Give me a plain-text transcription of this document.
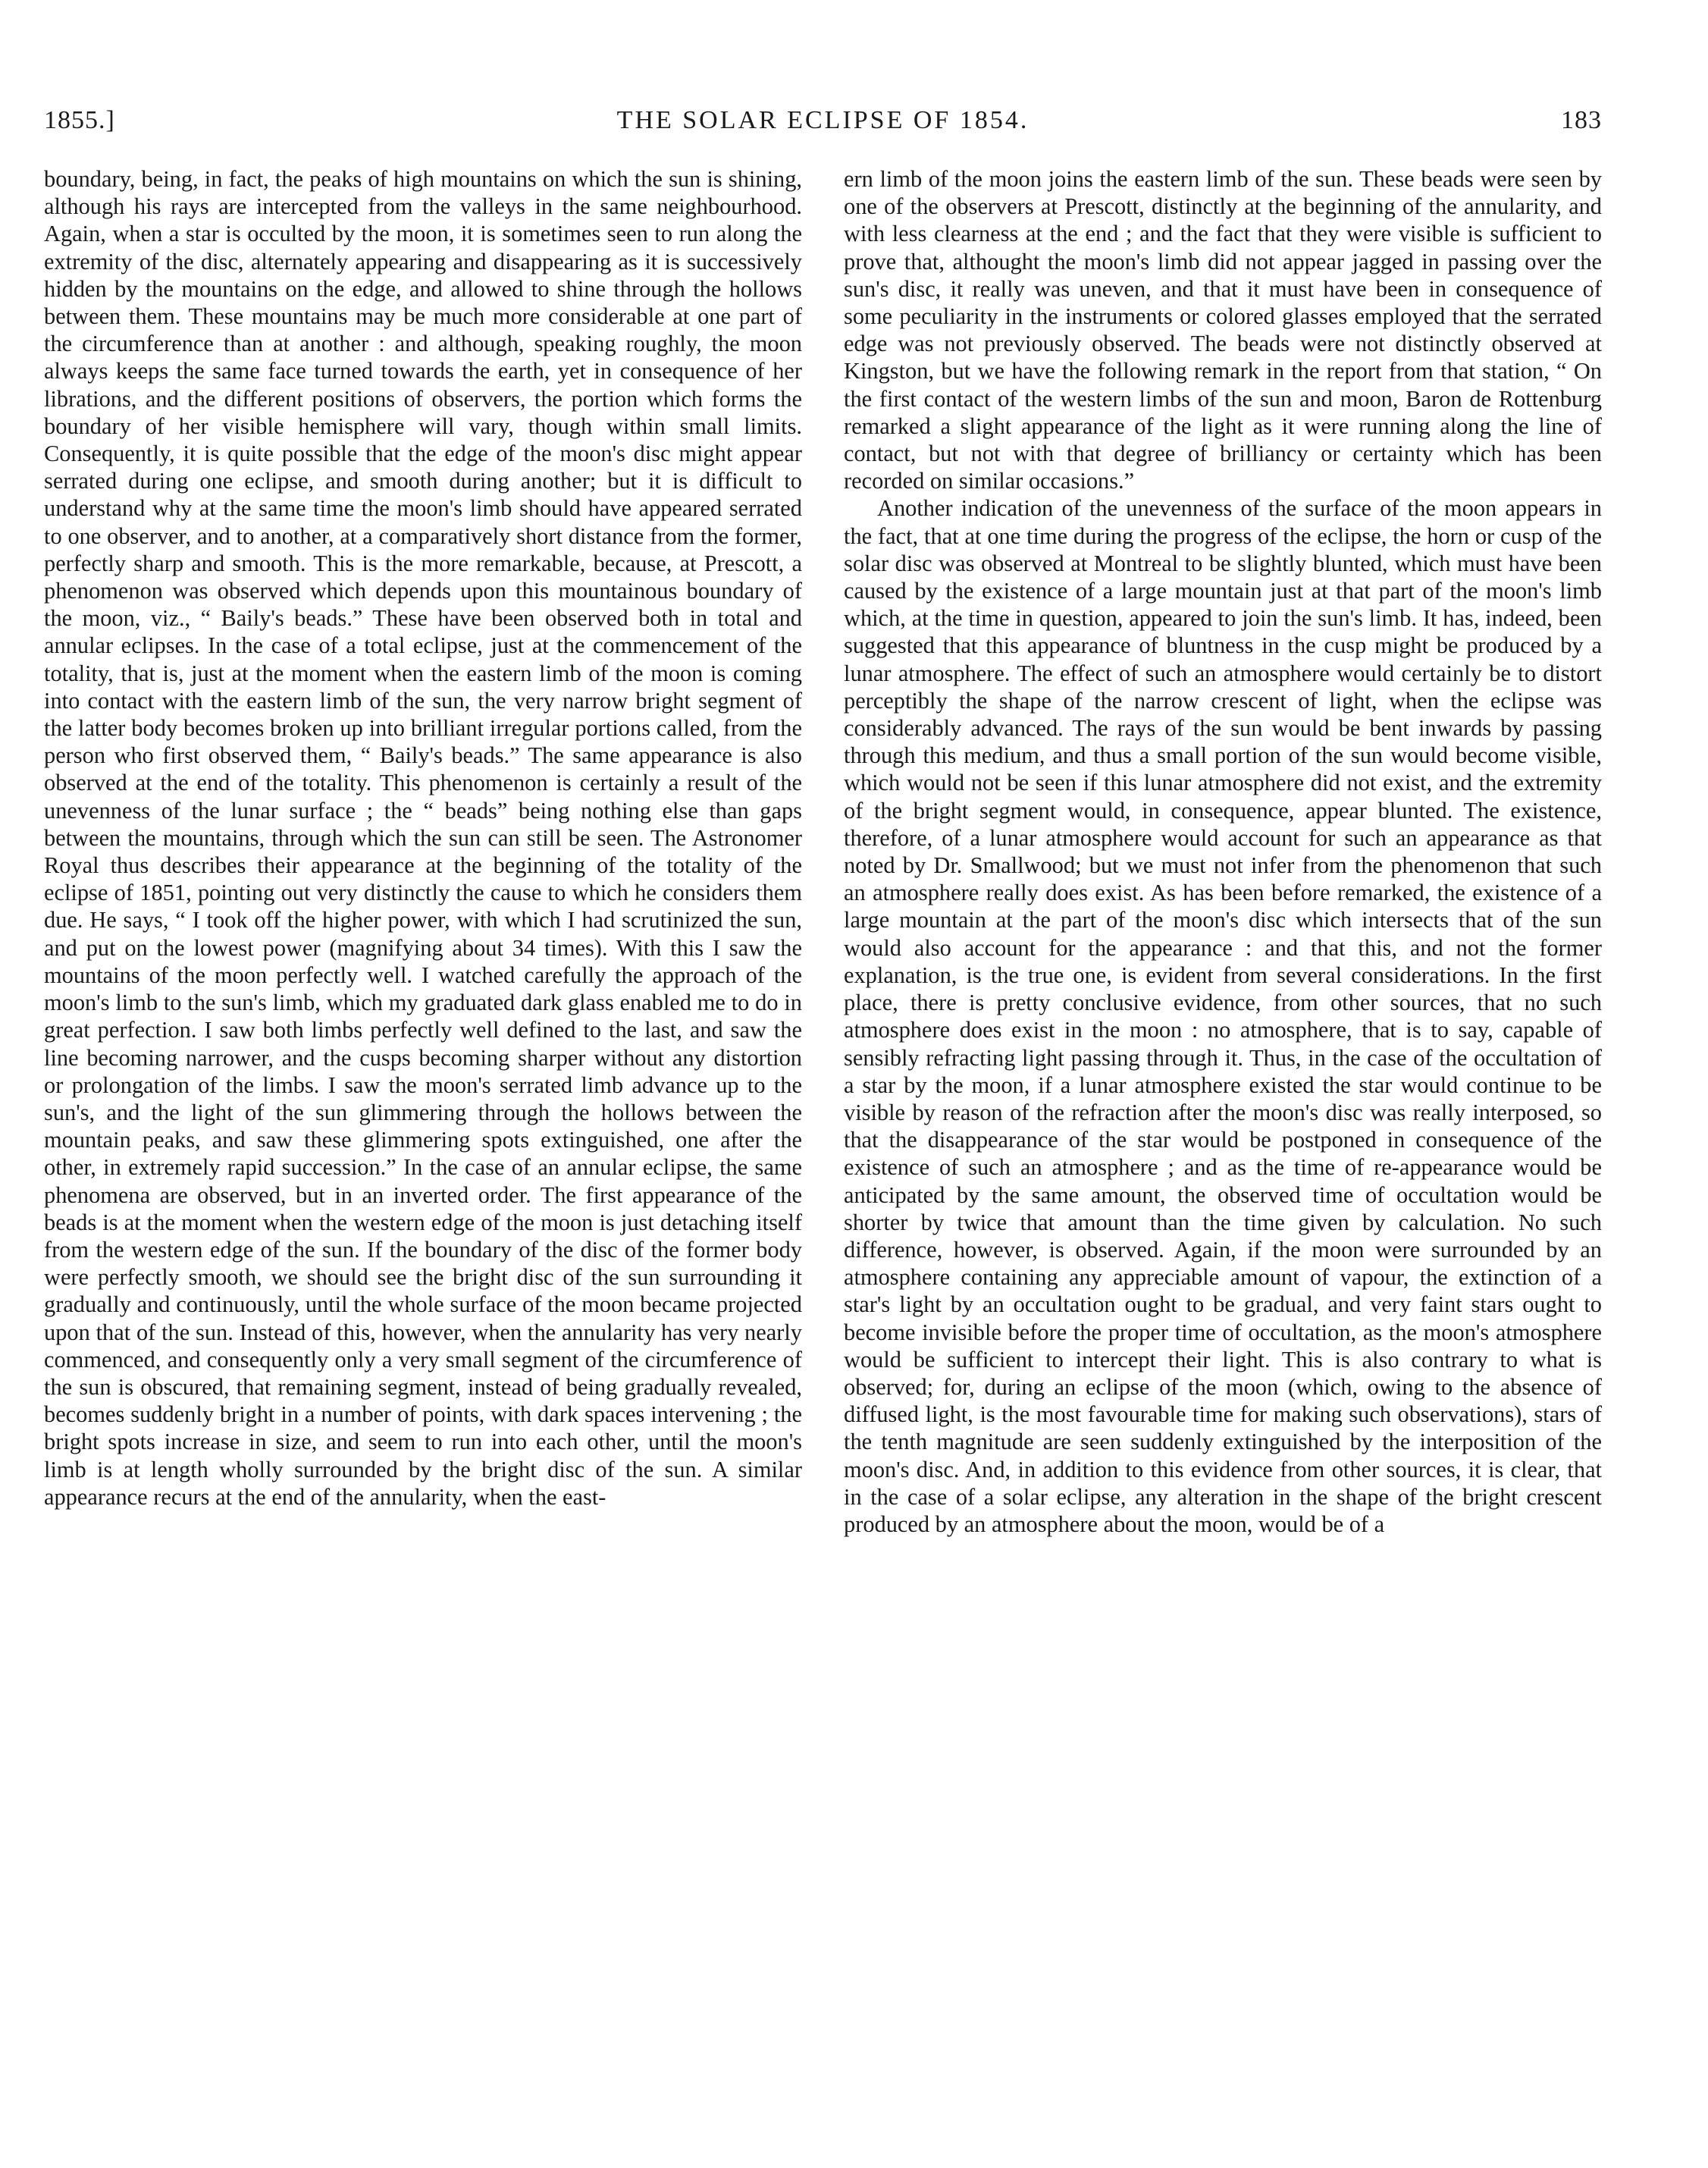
THE SOLAR ECLIPSE OF 1854.
1855.]	183

boundary, being, in fact, the peaks of high mountains on which the sun is shining, although his rays are intercepted from the valleys in the same neighbourhood. Again, when a star is occulted by the moon, it is sometimes seen to run along the extremity of the disc, alternately appearing and disappearing as it is successively hidden by the mountains on the edge, and allowed to shine through the hollows between them. These mountains may be much more considerable at one part of the circumference than at another : and although, speaking roughly, the moon always keeps the same face turned towards the earth, yet in consequence of her librations, and the different positions of observers, the portion which forms the boundary of her visible hemisphere will vary, though within small limits. Consequently, it is quite possible that the edge of the moon's disc might appear serrated during one eclipse, and smooth during another; but it is difficult to understand why at the same time the moon's limb should have appeared serrated to one observer, and to another, at a comparatively short distance from the former, perfectly sharp and smooth. This is the more remarkable, because, at Prescott, a phenomenon was observed which depends upon this mountainous boundary of the moon, viz., “ Baily's beads.” These have been observed both in total and annular eclipses. In the case of a total eclipse, just at the commencement of the totality, that is, just at the moment when the eastern limb of the moon is coming into contact with the eastern limb of the sun, the very narrow bright segment of the latter body becomes broken up into brilliant irregular portions called, from the person who first observed them, “ Baily's beads.” The same appearance is also observed at the end of the totality. This phenomenon is certainly a result of the unevenness of the lunar surface ; the “ beads” being nothing else than gaps between the mountains, through which the sun can still be seen. The Astronomer Royal thus describes their appearance at the beginning of the totality of the eclipse of 1851, pointing out very distinctly the cause to which he considers them due. He says, “ I took off the higher power, with which I had scrutinized the sun, and put on the lowest power (magnifying about 34 times). With this I saw the mountains of the moon perfectly well. I watched carefully the approach of the moon's limb to the sun's limb, which my graduated dark glass enabled me to do in great perfection. I saw both limbs perfectly well defined to the last, and saw the line becoming narrower, and the cusps becoming sharper without any distortion or prolongation of the limbs. I saw the moon's serrated limb advance up to the sun's, and the light of the sun glimmering through the hollows between the mountain peaks, and saw these glimmering spots extinguished, one after the other, in extremely rapid succession.” In the case of an annular eclipse, the same phenomena are observed, but in an inverted order. The first appearance of the beads is at the moment when the western edge of the moon is just detaching itself from the western edge of the sun. If the boundary of the disc of the former body were perfectly smooth, we should see the bright disc of the sun surrounding it gradually and continuously, until the whole surface of the moon became projected upon that of the sun. Instead of this, however, when the annularity has very nearly commenced, and consequently only a very small segment of the circumference of the sun is obscured, that remaining segment, instead of being gradually revealed, becomes suddenly bright in a number of points, with dark spaces intervening ; the bright spots increase in size, and seem to run into each other, until the moon's limb is at length wholly surrounded by the bright disc of the sun. A similar appearance recurs at the end of the annularity, when the east-

ern limb of the moon joins the eastern limb of the sun. These beads were seen by one of the observers at Prescott, distinctly at the beginning of the annularity, and with less clearness at the end ; and the fact that they were visible is sufficient to prove that, althought the moon's limb did not appear jagged in passing over the sun's disc, it really was uneven, and that it must have been in consequence of some peculiarity in the instruments or colored glasses employed that the serrated edge was not previously observed. The beads were not distinctly observed at Kingston, but we have the following remark in the report from that station, “ On the first contact of the western limbs of the sun and moon, Baron de Rottenburg remarked a slight appearance of the light as it were running along the line of contact, but not with that degree of brilliancy or certainty which has been recorded on similar occasions.”

Another indication of the unevenness of the surface of the moon appears in the fact, that at one time during the progress of the eclipse, the horn or cusp of the solar disc was observed at Montreal to be slightly blunted, which must have been caused by the existence of a large mountain just at that part of the moon's limb which, at the time in question, appeared to join the sun's limb. It has, indeed, been suggested that this appearance of bluntness in the cusp might be produced by a lunar atmosphere. The effect of such an atmosphere would certainly be to distort perceptibly the shape of the narrow crescent of light, when the eclipse was considerably advanced. The rays of the sun would be bent inwards by passing through this medium, and thus a small portion of the sun would become visible, which would not be seen if this lunar atmosphere did not exist, and the extremity of the bright segment would, in consequence, appear blunted. The existence, therefore, of a lunar atmosphere would account for such an appearance as that noted by Dr. Smallwood; but we must not infer from the phenomenon that such an atmosphere really does exist. As has been before remarked, the existence of a large mountain at the part of the moon's disc which intersects that of the sun would also account for the appearance : and that this, and not the former explanation, is the true one, is evident from several considerations. In the first place, there is pretty conclusive evidence, from other sources, that no such atmosphere does exist in the moon : no atmosphere, that is to say, capable of sensibly refracting light passing through it. Thus, in the case of the occultation of a star by the moon, if a lunar atmosphere existed the star would continue to be visible by reason of the refraction after the moon's disc was really interposed, so that the disappearance of the star would be postponed in consequence of the existence of such an atmosphere ; and as the time of re-appearance would be anticipated by the same amount, the observed time of occultation would be shorter by twice that amount than the time given by calculation. No such difference, however, is observed. Again, if the moon were surrounded by an atmosphere containing any appreciable amount of vapour, the extinction of a star's light by an occultation ought to be gradual, and very faint stars ought to become invisible before the proper time of occultation, as the moon's atmosphere would be sufficient to intercept their light. This is also contrary to what is observed; for, during an eclipse of the moon (which, owing to the absence of diffused light, is the most favourable time for making such observations), stars of the tenth magnitude are seen suddenly extinguished by the interposition of the moon's disc. And, in addition to this evidence from other sources, it is clear, that in the case of a solar eclipse, any alteration in the shape of the bright crescent produced by an atmosphere about the moon, would be of a
